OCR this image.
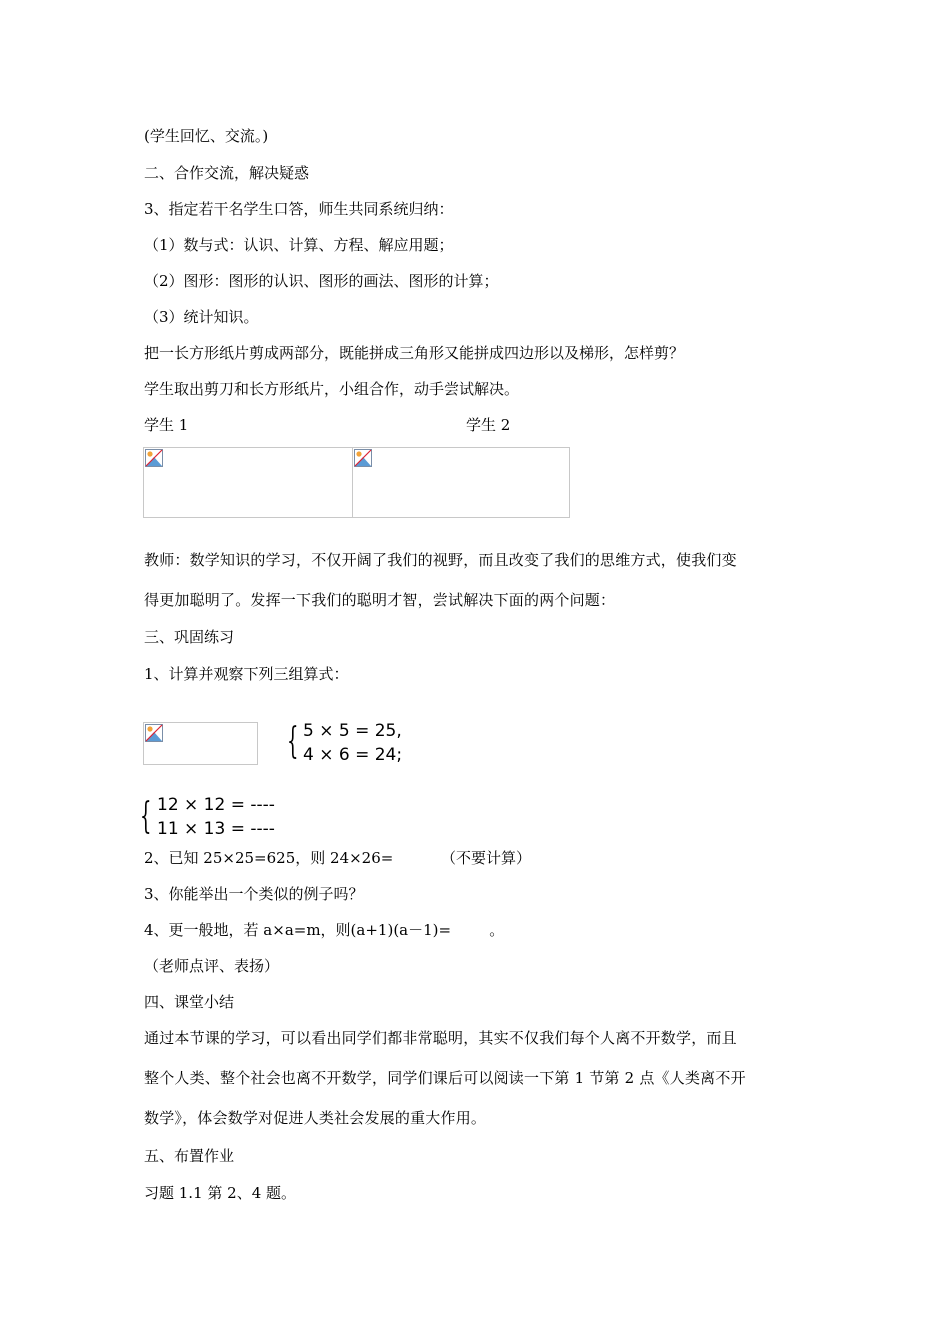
(学生回忆、交流。)
二、合作交流，解决疑惑
3、指定若干名学生口答，师生共同系统归纳：
（1）数与式：认识、计算、方程、解应用题；
（2）图形：图形的认识、图形的画法、图形的计算；
（3）统计知识。
把一长方形纸片剪成两部分，既能拼成三角形又能拼成四边形以及梯形，怎样剪？
学生取出剪刀和长方形纸片，小组合作，动手尝试解决。
学生 1	学生 2
教师：数学知识的学习，不仅开阔了我们的视野，而且改变了我们的思维方式，使我们变
得更加聪明了。发挥一下我们的聪明才智，尝试解决下面的两个问题：
三、巩固练习
1、计算并观察下列三组算式：
{ 5 × 5 = 25,
4 × 6 = 24;
{ 12 × 12 = ----
11 × 13 = ----
2、已知 25×25=625，则 24×26=          （不要计算）
3、你能举出一个类似的例子吗？
4、更一般地，若 a×a=m，则(a+1)(a－1)=        。
（老师点评、表扬）
四、课堂小结
通过本节课的学习，可以看出同学们都非常聪明，其实不仅我们每个人离不开数学，而且
整个人类、整个社会也离不开数学，同学们课后可以阅读一下第 1 节第 2 点《人类离不开
数学》，体会数学对促进人类社会发展的重大作用。
五、布置作业
习题 1.1 第 2、4 题。
